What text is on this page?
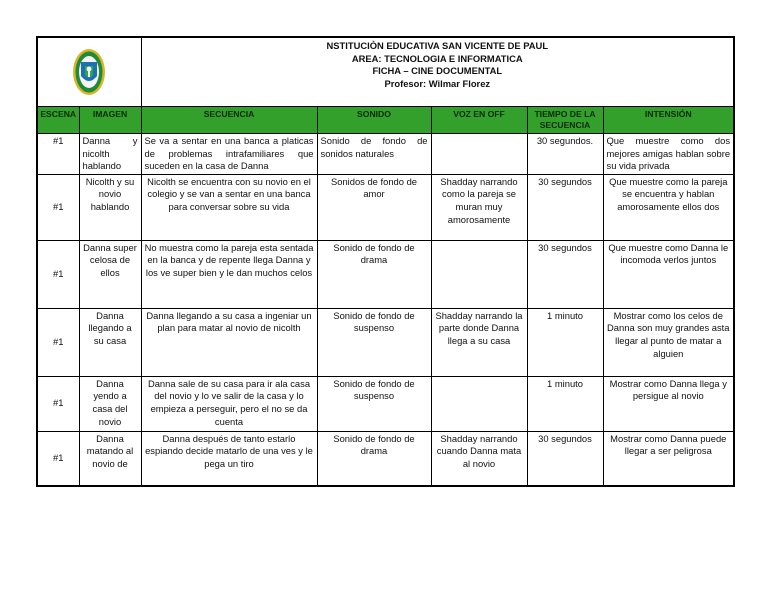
NSTITUCIÒN EDUCATIVA SAN VICENTE DE PAUL
AREA: TECNOLOGIA E INFORMATICA
FICHA – CINE DOCUMENTAL
Profesor: Wilmar Florez				

ESCENA	IMAGEN	SECUENCIA	SONIDO	VOZ EN OFF	TIEMPO DE LA SECUENCIA	INTENSIÓN
#1	Danna y nicolth hablando	Se va a sentar en una banca a platicas de problemas intrafamiliares que suceden en la casa de Danna	Sonido de fondo de sonidos naturales		30 segundos.	Que muestre como dos mejores amigas hablan sobre su vida privada
#1	Nicolth y su novio hablando	Nicolth se encuentra con su novio en el colegio y se van a sentar en una banca para conversar sobre su vida	Sonidos de fondo de amor	Shadday narrando como la pareja se muran muy amorosamente	30 segundos	Que muestre como la pareja se encuentra y hablan amorosamente ellos dos
#1	Danna super celosa de ellos	No muestra como la pareja esta sentada en la banca y de repente llega Danna y los ve super bien y le dan muchos celos	Sonido de fondo de drama		30 segundos	Que muestre como Danna le incomoda verlos juntos
#1	Danna llegando a su casa	Danna llegando a su casa a ingeniar un plan para matar al novio de nicolth	Sonido de fondo de suspenso	Shadday narrando la parte donde Danna llega a su casa	1 minuto	Mostrar como los celos de Danna son muy grandes asta llegar al punto de matar a alguien
#1	Danna yendo a casa del novio	Danna sale de su casa para ir ala casa del novio y lo ve salir de la casa y lo empieza a perseguir, pero el no se da cuenta	Sonido de fondo de suspenso		1 minuto	Mostrar como Danna llega y persigue al novio
#1	Danna matando al novio de	Danna después de tanto estarlo espiando decide matarlo de una ves y le pega un tiro	Sonido de fondo de drama	Shadday narrando cuando Danna mata al novio	30 segundos	Mostrar como Danna puede llegar a ser peligrosa
